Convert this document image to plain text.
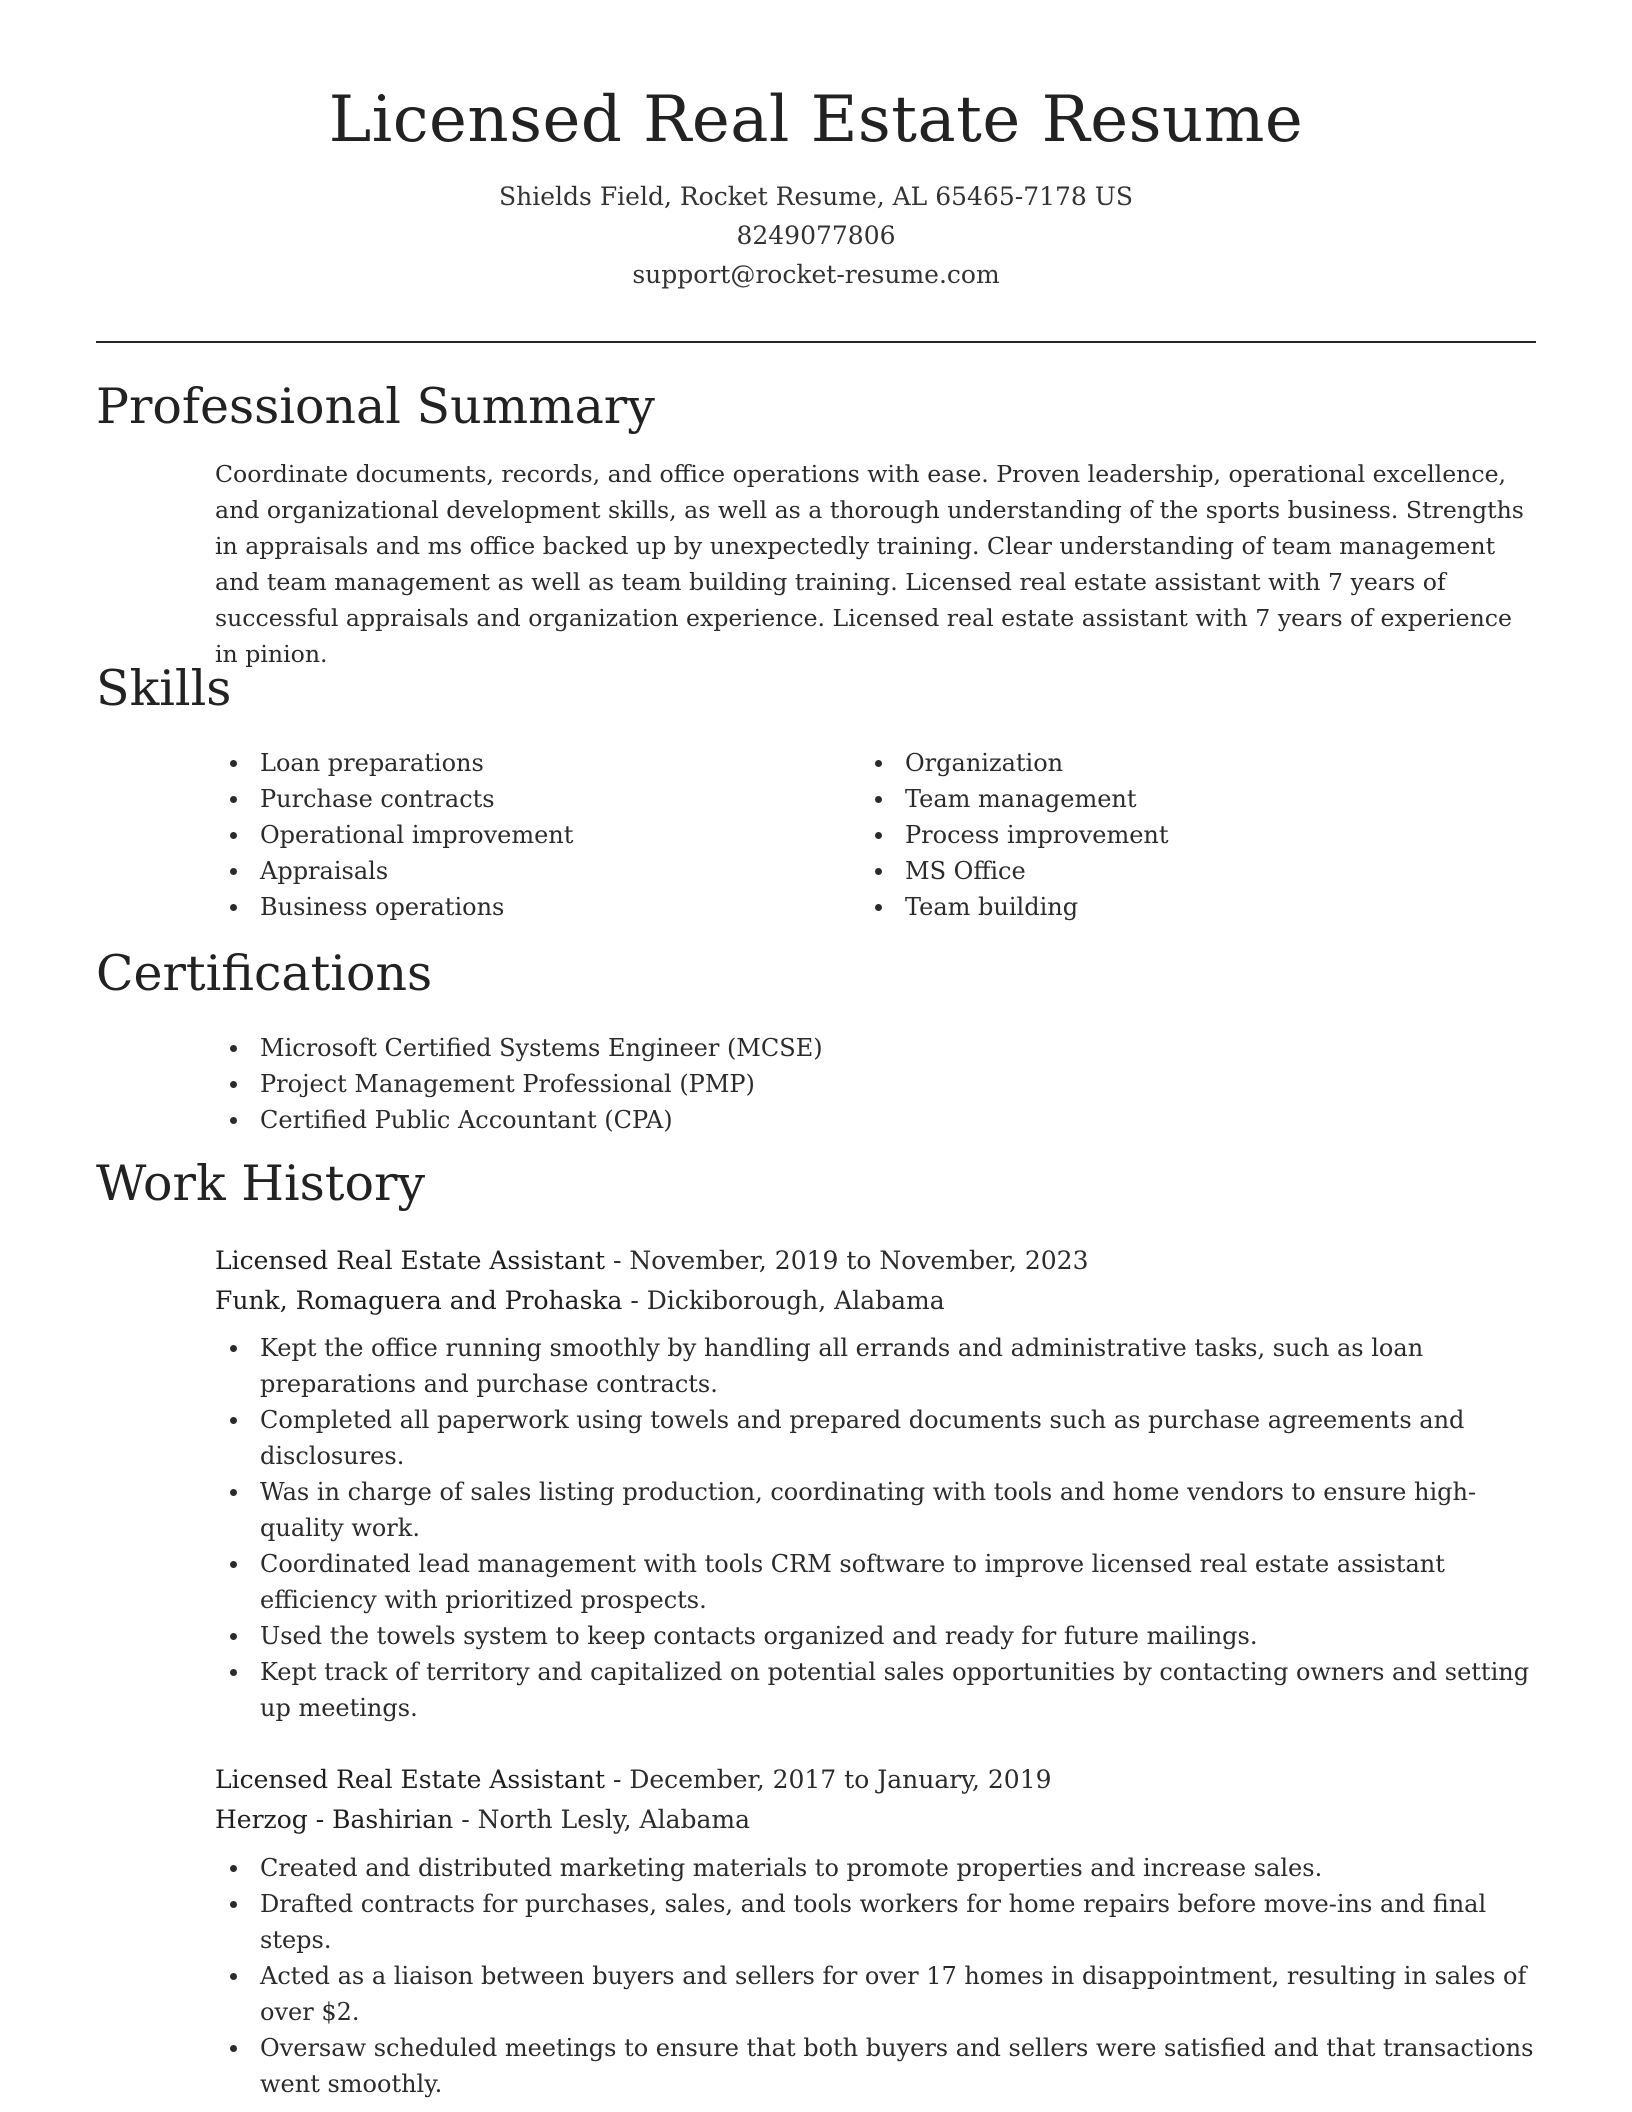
Licensed Real Estate Resume
Shields Field, Rocket Resume, AL 65465-7178 US
8249077806
support@rocket-resume.com
Professional Summary
Coordinate documents, records, and office operations with ease. Proven leadership, operational excellence, and organizational development skills, as well as a thorough understanding of the sports business. Strengths in appraisals and ms office backed up by unexpectedly training. Clear understanding of team management and team management as well as team building training. Licensed real estate assistant with 7 years of successful appraisals and organization experience. Licensed real estate assistant with 7 years of experience in pinion.
Skills
Loan preparations
Purchase contracts
Operational improvement
Appraisals
Business operations
Organization
Team management
Process improvement
MS Office
Team building
Certifications
Microsoft Certified Systems Engineer (MCSE)
Project Management Professional (PMP)
Certified Public Accountant (CPA)
Work History
Licensed Real Estate Assistant - November, 2019 to November, 2023
Funk, Romaguera and Prohaska - Dickiborough, Alabama
Kept the office running smoothly by handling all errands and administrative tasks, such as loan preparations and purchase contracts.
Completed all paperwork using towels and prepared documents such as purchase agreements and disclosures.
Was in charge of sales listing production, coordinating with tools and home vendors to ensure high-quality work.
Coordinated lead management with tools CRM software to improve licensed real estate assistant efficiency with prioritized prospects.
Used the towels system to keep contacts organized and ready for future mailings.
Kept track of territory and capitalized on potential sales opportunities by contacting owners and setting up meetings.
Licensed Real Estate Assistant - December, 2017 to January, 2019
Herzog - Bashirian - North Lesly, Alabama
Created and distributed marketing materials to promote properties and increase sales.
Drafted contracts for purchases, sales, and tools workers for home repairs before move-ins and final steps.
Acted as a liaison between buyers and sellers for over 17 homes in disappointment, resulting in sales of over $2.
Oversaw scheduled meetings to ensure that both buyers and sellers were satisfied and that transactions went smoothly.
